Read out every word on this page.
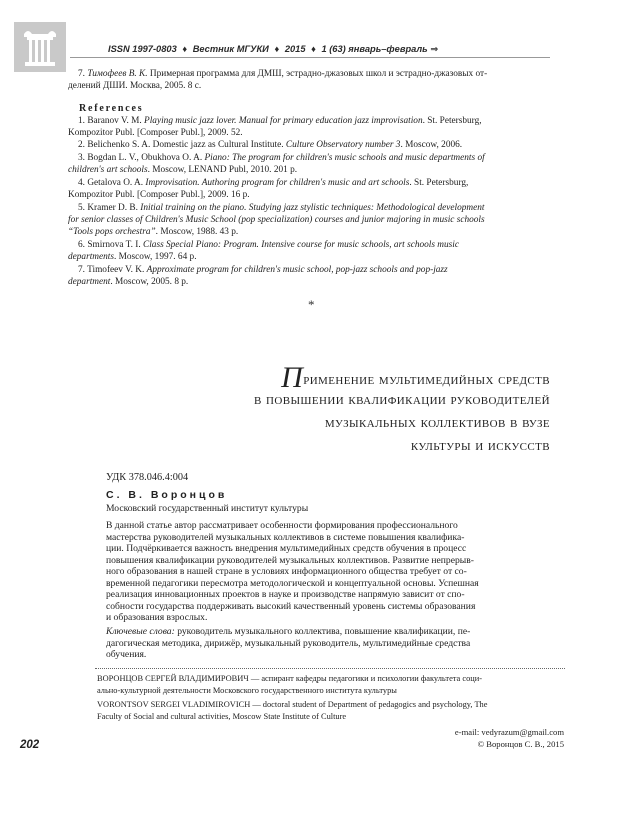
ISSN 1997-0803 ♦ Вестник МГУКИ ♦ 2015 ♦ 1 (63) январь–февраль ⇒
7. Тимофеев В. К. Примерная программа для ДМШ, эстрадно-джазовых школ и эстрадно-джазовых от-

делений ДШИ. Москва, 2005. 8 с.
References
1. Baranov V. M. Playing music jazz lover. Manual for primary education jazz improvisation. St. Petersburg,
Kompozitor Publ. [Composer Publ.], 2009. 52.
2. Belichenko S. A. Domestic jazz as Cultural Institute. Culture Observatory number 3. Moscow, 2006.
3. Bogdan L. V., Obukhova O. A. Piano: The program for children's music schools and music departments of
children's art schools. Moscow, LENAND Publ, 2010. 201 p.
4. Getalova O. A. Improvisation. Authoring program for children's music and art schools. St. Petersburg,
Kompozitor Publ. [Composer Publ.], 2009. 16 p.
5. Kramer D. B. Initial training on the piano. Studying jazz stylistic techniques: Methodological development
for senior classes of Children's Music School (pop specialization) courses and junior majoring in music schools
“Tools pops orchestra”. Moscow, 1988. 43 p.
6. Smirnova T. I. Class Special Piano: Program. Intensive course for music schools, art schools music
departments. Moscow, 1997. 64 p.
7. Timofeev V. K. Approximate program for children's music school, pop-jazz schools and pop-jazz
department. Moscow, 2005. 8 p.
*
Применение мультимедийных средств
в повышении квалификации руководителей
музыкальных коллективов в вузе
культуры и искусств
УДК 378.046.4:004
С. В. Воронцов
Московский государственный институт культуры
В данной статье автор рассматривает особенности формирования профессионального
мастерства руководителей музыкальных коллективов в системе повышения квалифика-
ции. Подчёркивается важность внедрения мультимедийных средств обучения в процесс
повышения квалификации руководителей музыкальных коллективов. Развитие непрерыв-
ного образования в нашей стране в условиях информационного общества требует от со-
временной педагогики пересмотра методологической и концептуальной основы. Успешная
реализация инновационных проектов в науке и производстве напрямую зависит от спо-
собности государства поддерживать высокий качественный уровень системы образования
и образования взрослых.
Ключевые слова: руководитель музыкального коллектива, повышение квалификации, пе-
дагогическая методика, дирижёр, музыкальный руководитель, мультимедийные средства
обучения.
ВОРОНЦОВ СЕРГЕЙ ВЛАДИМИРОВИЧ — аспирант кафедры педагогики и психологии факультета соци-
ально-культурной деятельности Московского государственного института культуры
VORONTSOV SERGEI VLADIMIROVICH — doctoral student of Department of pedagogics and psychology, The
Faculty of Social and cultural activities, Moscow State Institute of Culture
e-mail: vedyrazum@gmail.com
© Воронцов С. В., 2015
202
